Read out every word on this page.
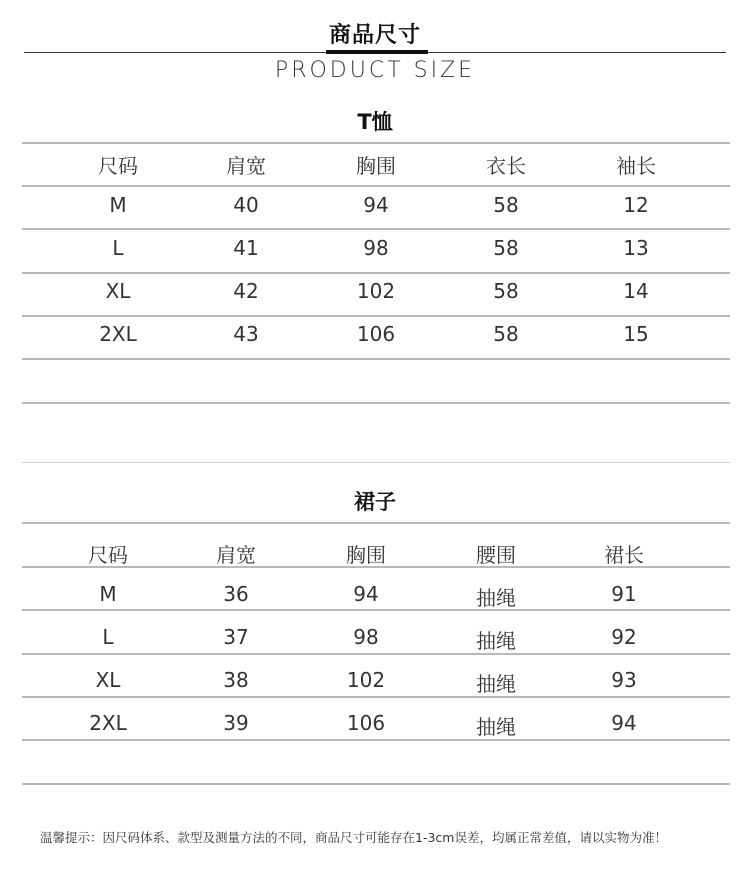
商品尺寸
PRODUCT SIZE
T恤
尺码	肩宽	胸围	衣长	袖长
M	40	94	58	12
L	41	98	58	13
XL	42	102	58	14
2XL	43	106	58	15
裙子
尺码	肩宽	胸围	腰围	裙长
M	36	94	抽绳	91
L	37	98	抽绳	92
XL	38	102	抽绳	93
2XL	39	106	抽绳	94
温馨提示：因尺码体系、款型及测量方法的不同，商品尺寸可能存在1-3cm误差，均属正常差值，请以实物为准！
